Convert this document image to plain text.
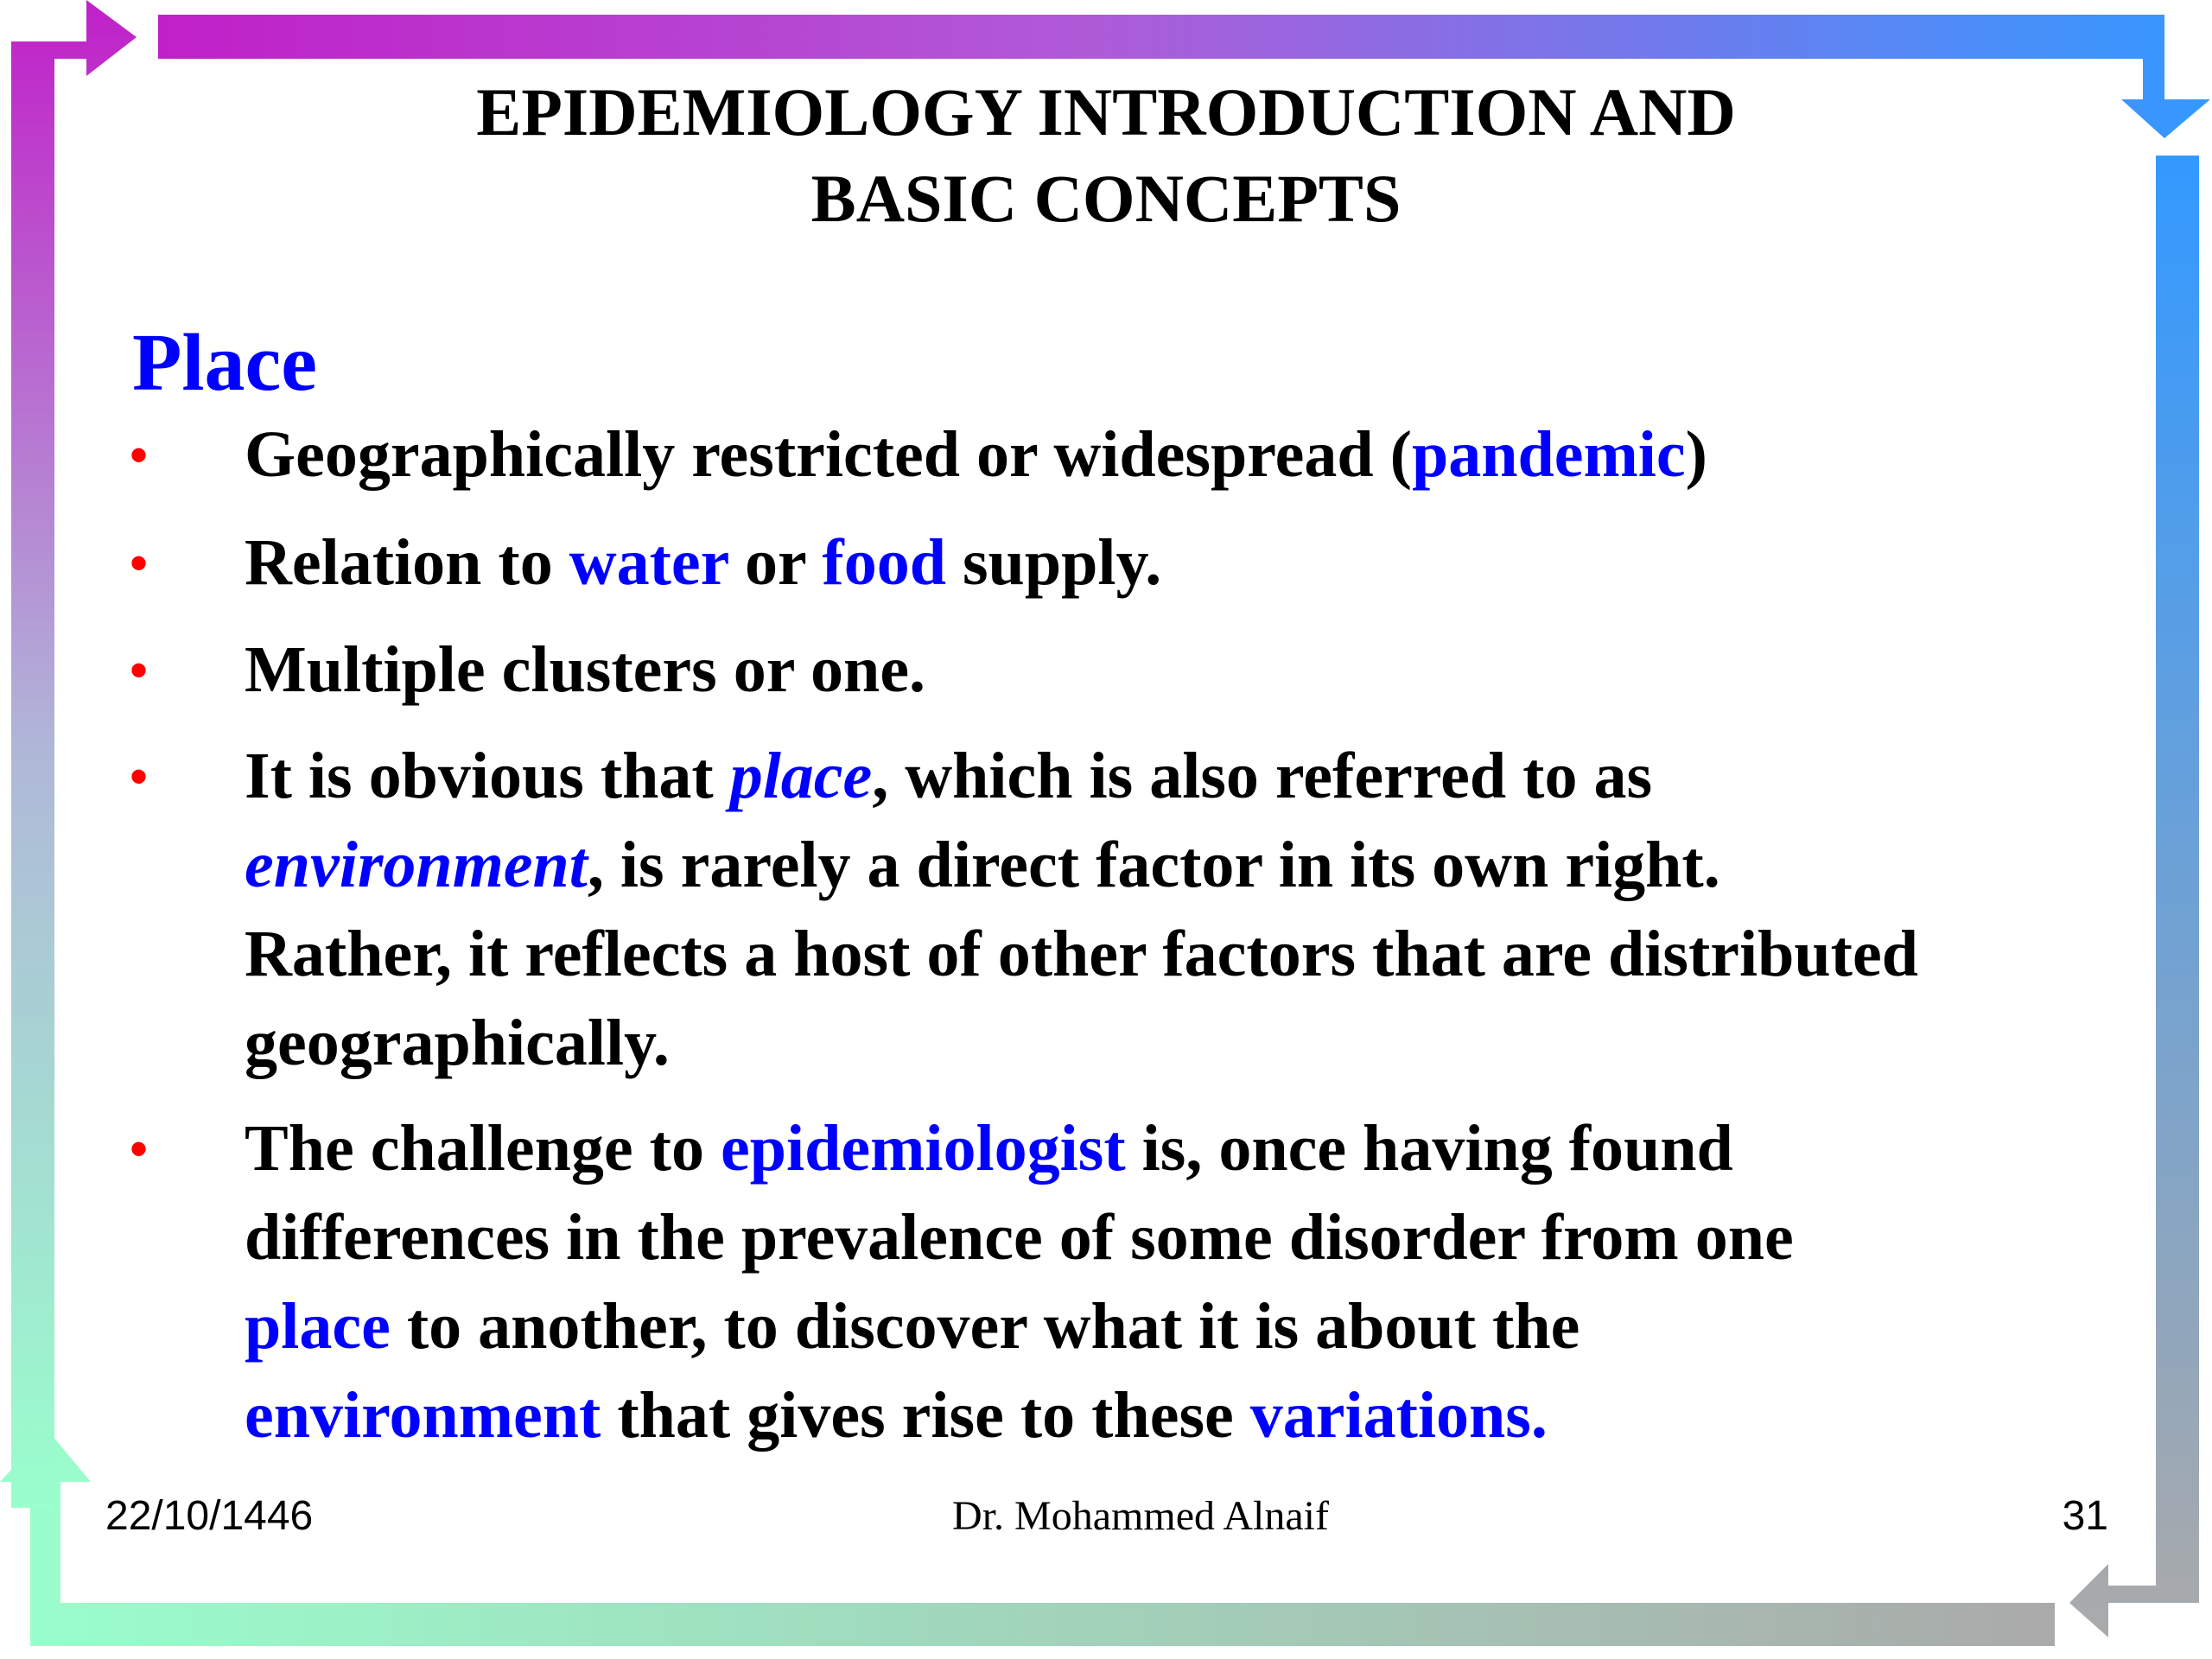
EPIDEMIOLOGY INTRODUCTION AND
BASIC CONCEPTS
Place
• Geographically restricted or widespread (pandemic)
• Relation to water or food supply.
• Multiple clusters or one.
• It is obvious that place, which is also referred to as
environment, is rarely a direct factor in its own right.
Rather, it reflects a host of other factors that are distributed
geographically.
• The challenge to epidemiologist is, once having found
differences in the prevalence of some disorder from one
place to another, to discover what it is about the
environment that gives rise to these variations.
22/10/1446	Dr. Mohammed Alnaif	31
